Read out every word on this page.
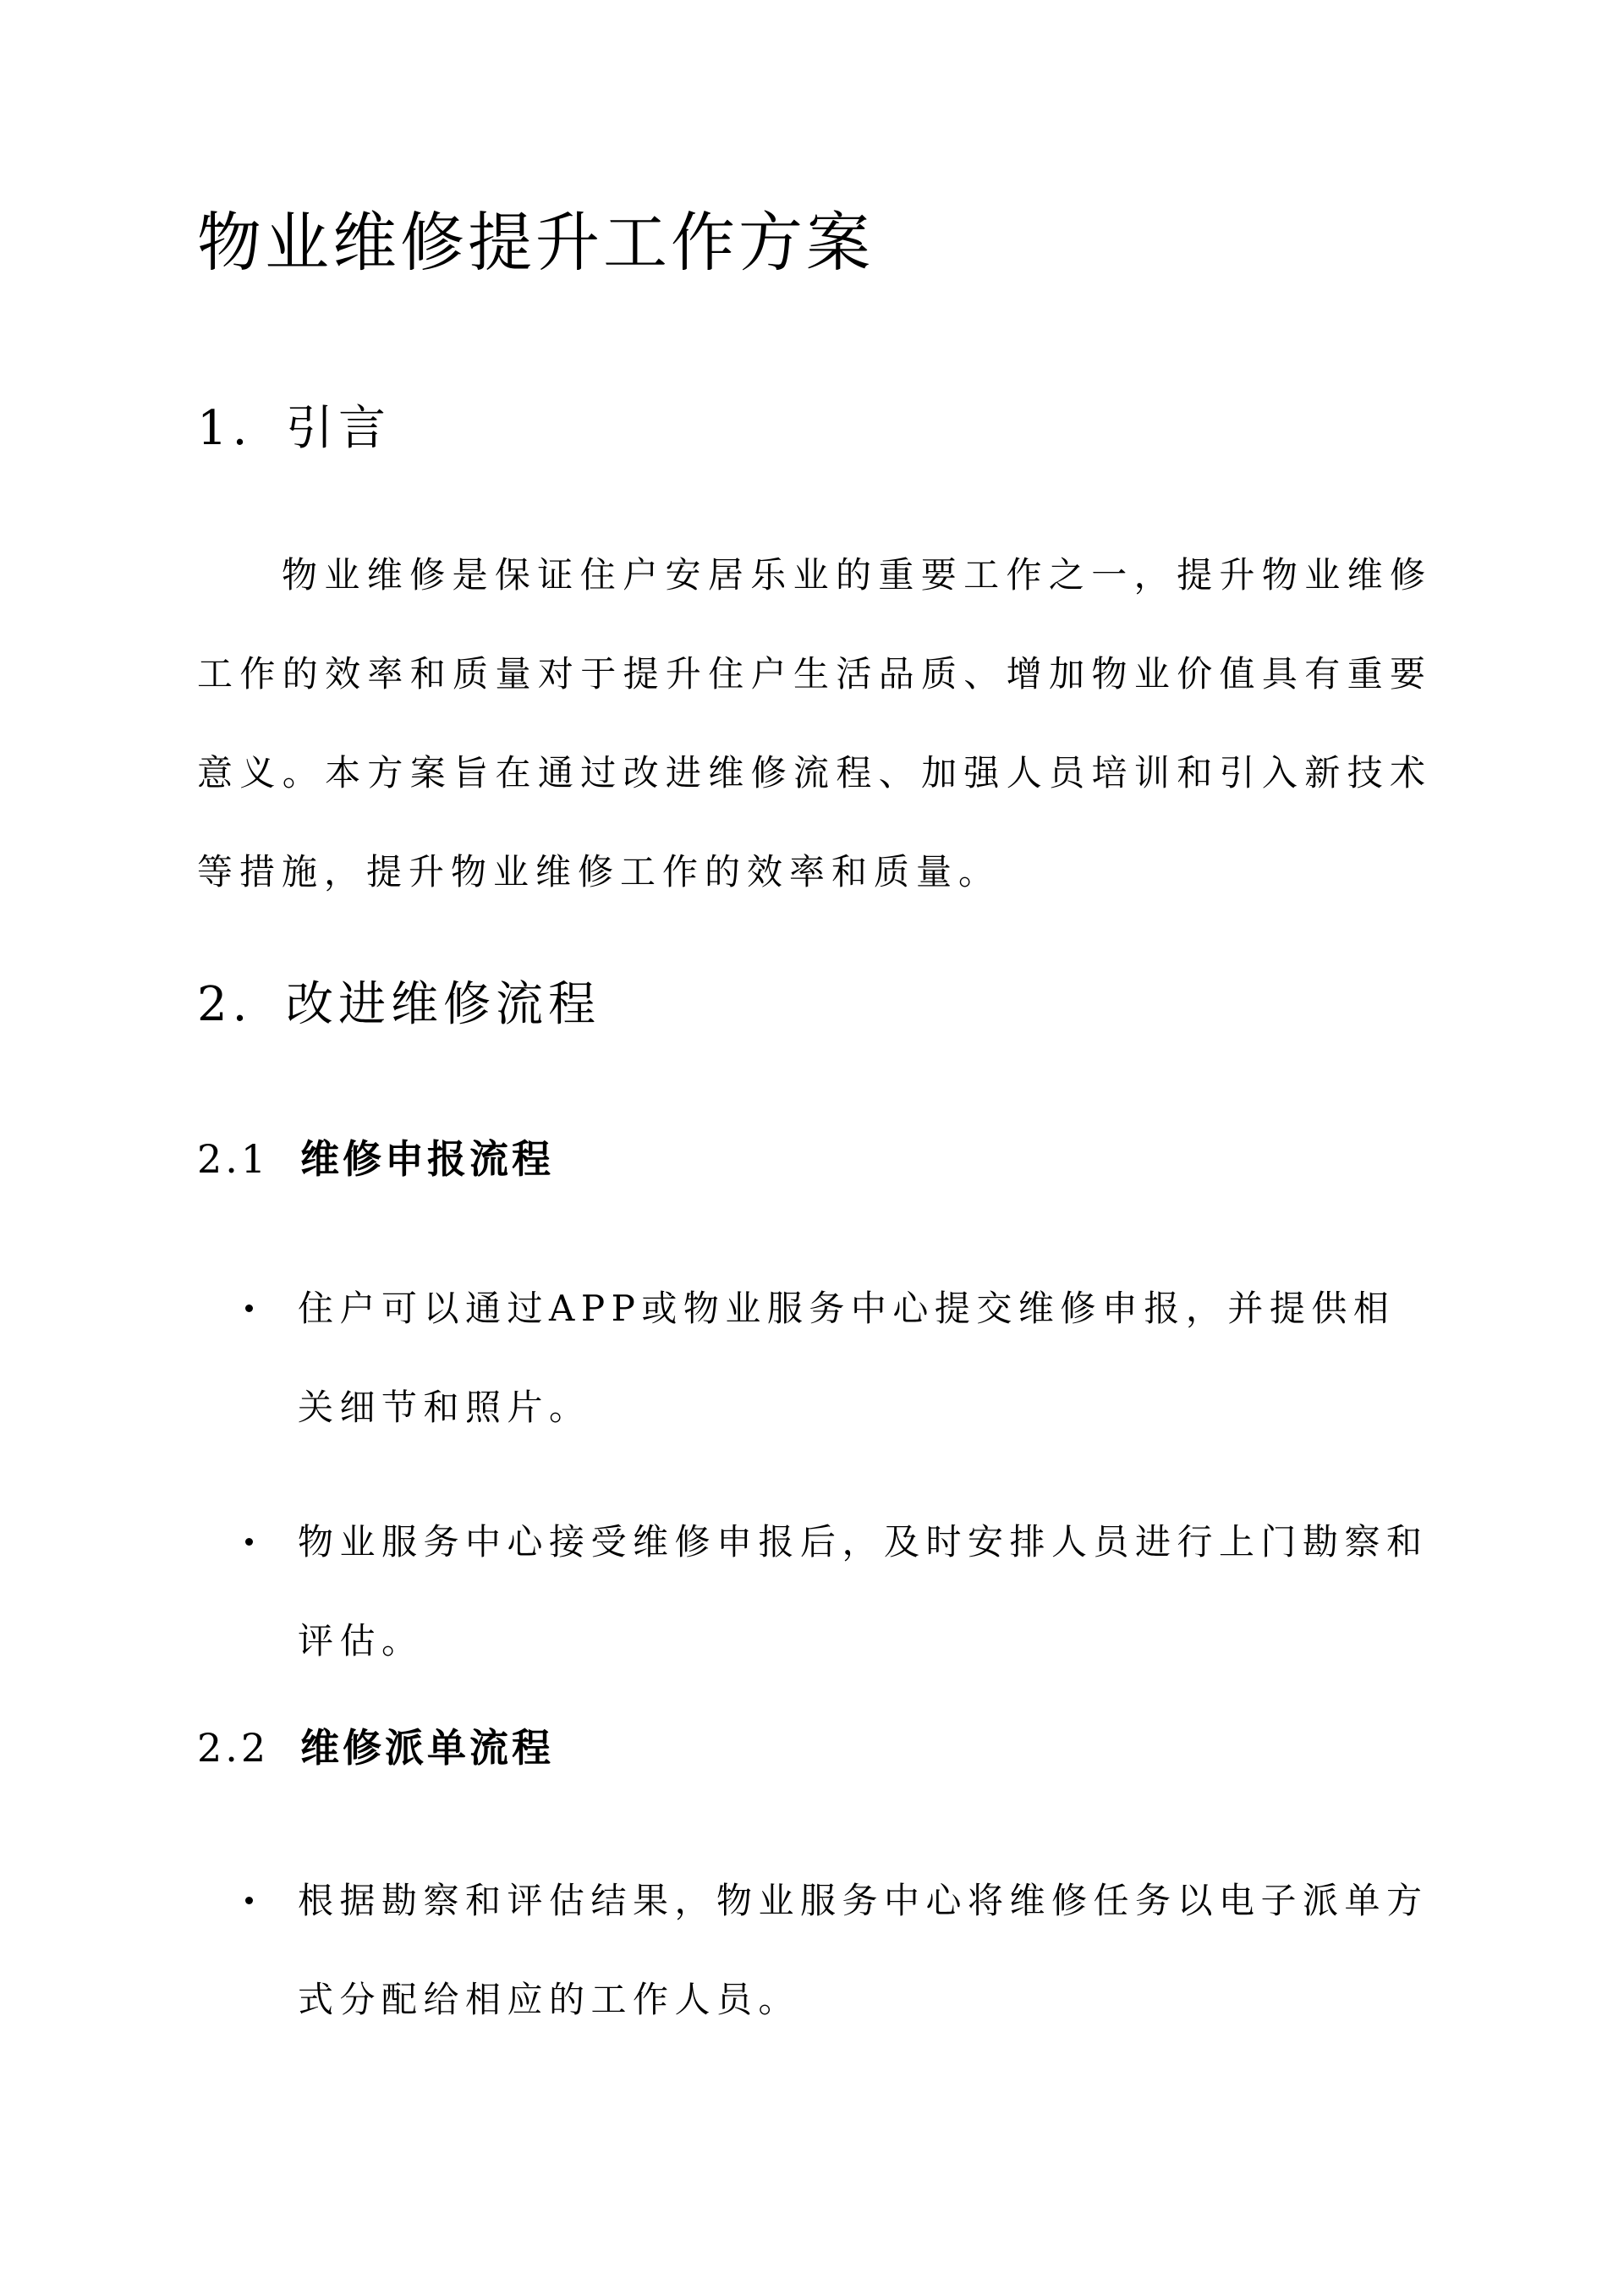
物业维修提升工作方案
1. 引言

物业维修是保证住户安居乐业的重要工作之一，提升物业维修工作的效率和质量对于提升住户生活品质、增加物业价值具有重要意义。本方案旨在通过改进维修流程、加强人员培训和引入新技术等措施，提升物业维修工作的效率和质量。

2. 改进维修流程
2.1 维修申报流程
住户可以通过APP或物业服务中心提交维修申报，并提供相关细节和照片。
物业服务中心接受维修申报后，及时安排人员进行上门勘察和评估。
2.2 维修派单流程
根据勘察和评估结果，物业服务中心将维修任务以电子派单方式分配给相应的工作人员。
